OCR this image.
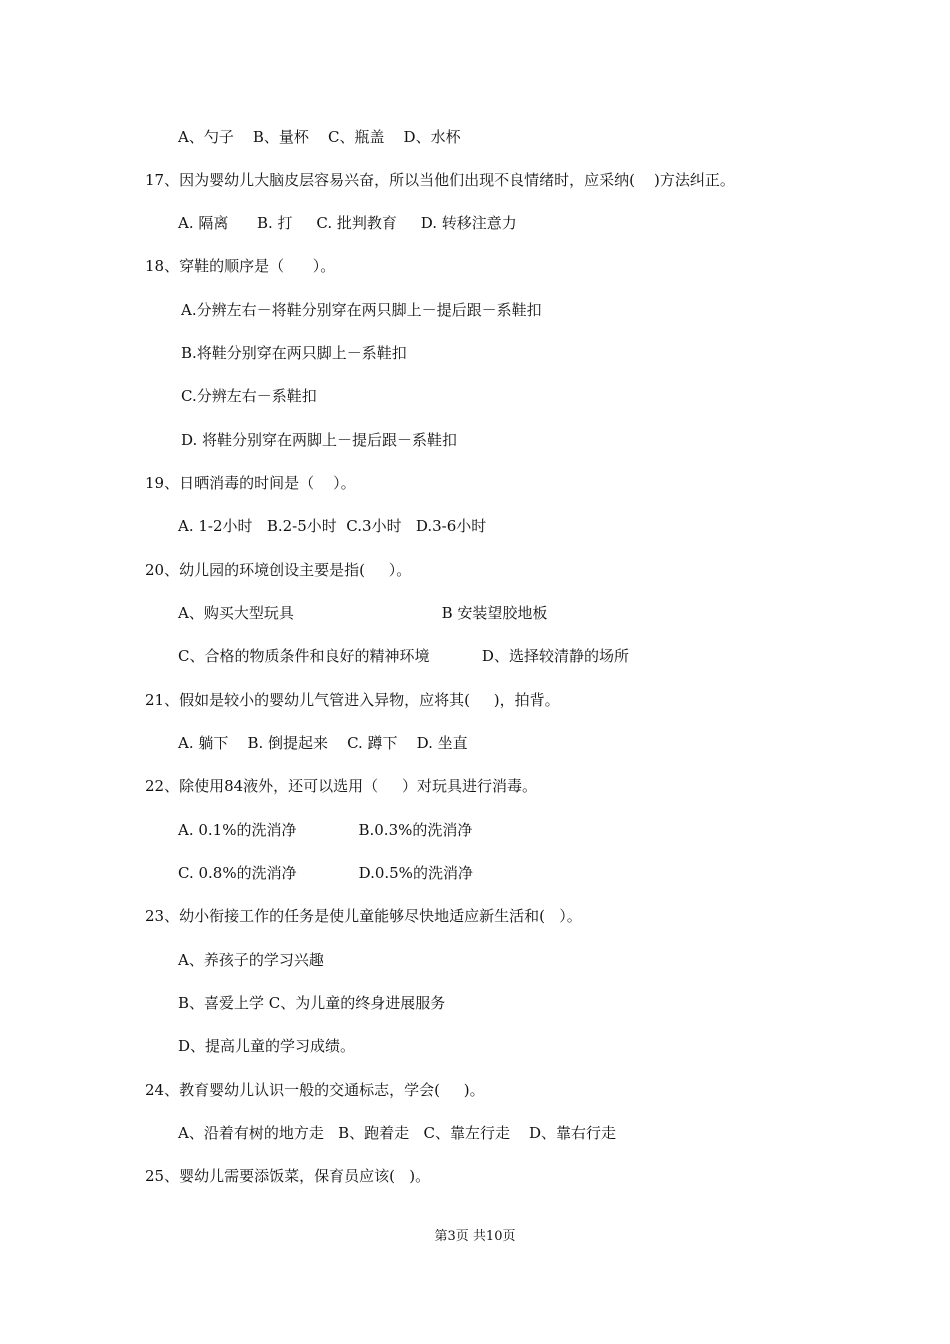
A、勺子    B、量杯    C、瓶盖    D、水杯

17、因为婴幼儿大脑皮层容易兴奋，所以当他们出现不良情绪时，应采纳(    )方法纠正。

A. 隔离      B. 打     C. 批判教育     D. 转移注意力

18、穿鞋的顺序是（      ）。

A.分辨左右－将鞋分别穿在两只脚上－提后跟－系鞋扣

B.将鞋分别穿在两只脚上－系鞋扣

C.分辨左右－系鞋扣

D. 将鞋分别穿在两脚上－提后跟－系鞋扣

19、日晒消毒的时间是（    ）。

A. 1-2小时   B.2-5小时  C.3小时   D.3-6小时

20、幼儿园的环境创设主要是指(     ）。

A、购买大型玩具                               B 安装望胶地板

C、合格的物质条件和良好的精神环境           D、选择较清静的场所

21、假如是较小的婴幼儿气管进入异物，应将其(     )，拍背。

A. 躺下    B. 倒提起来    C. 蹲下    D. 坐直

22、除使用84液外，还可以选用（     ）对玩具进行消毒。

A. 0.1%的洗消净             B.0.3%的洗消净

C. 0.8%的洗消净             D.0.5%的洗消净

23、幼小衔接工作的任务是使儿童能够尽快地适应新生活和(   ）。

A、养孩子的学习兴趣

B、喜爱上学 C、为儿童的终身进展服务

D、提高儿童的学习成绩。

24、教育婴幼儿认识一般的交通标志，学会(     )。

A、沿着有树的地方走   B、跑着走   C、靠左行走    D、靠右行走

25、婴幼儿需要添饭菜，保育员应该(   )。

第3页 共10页
